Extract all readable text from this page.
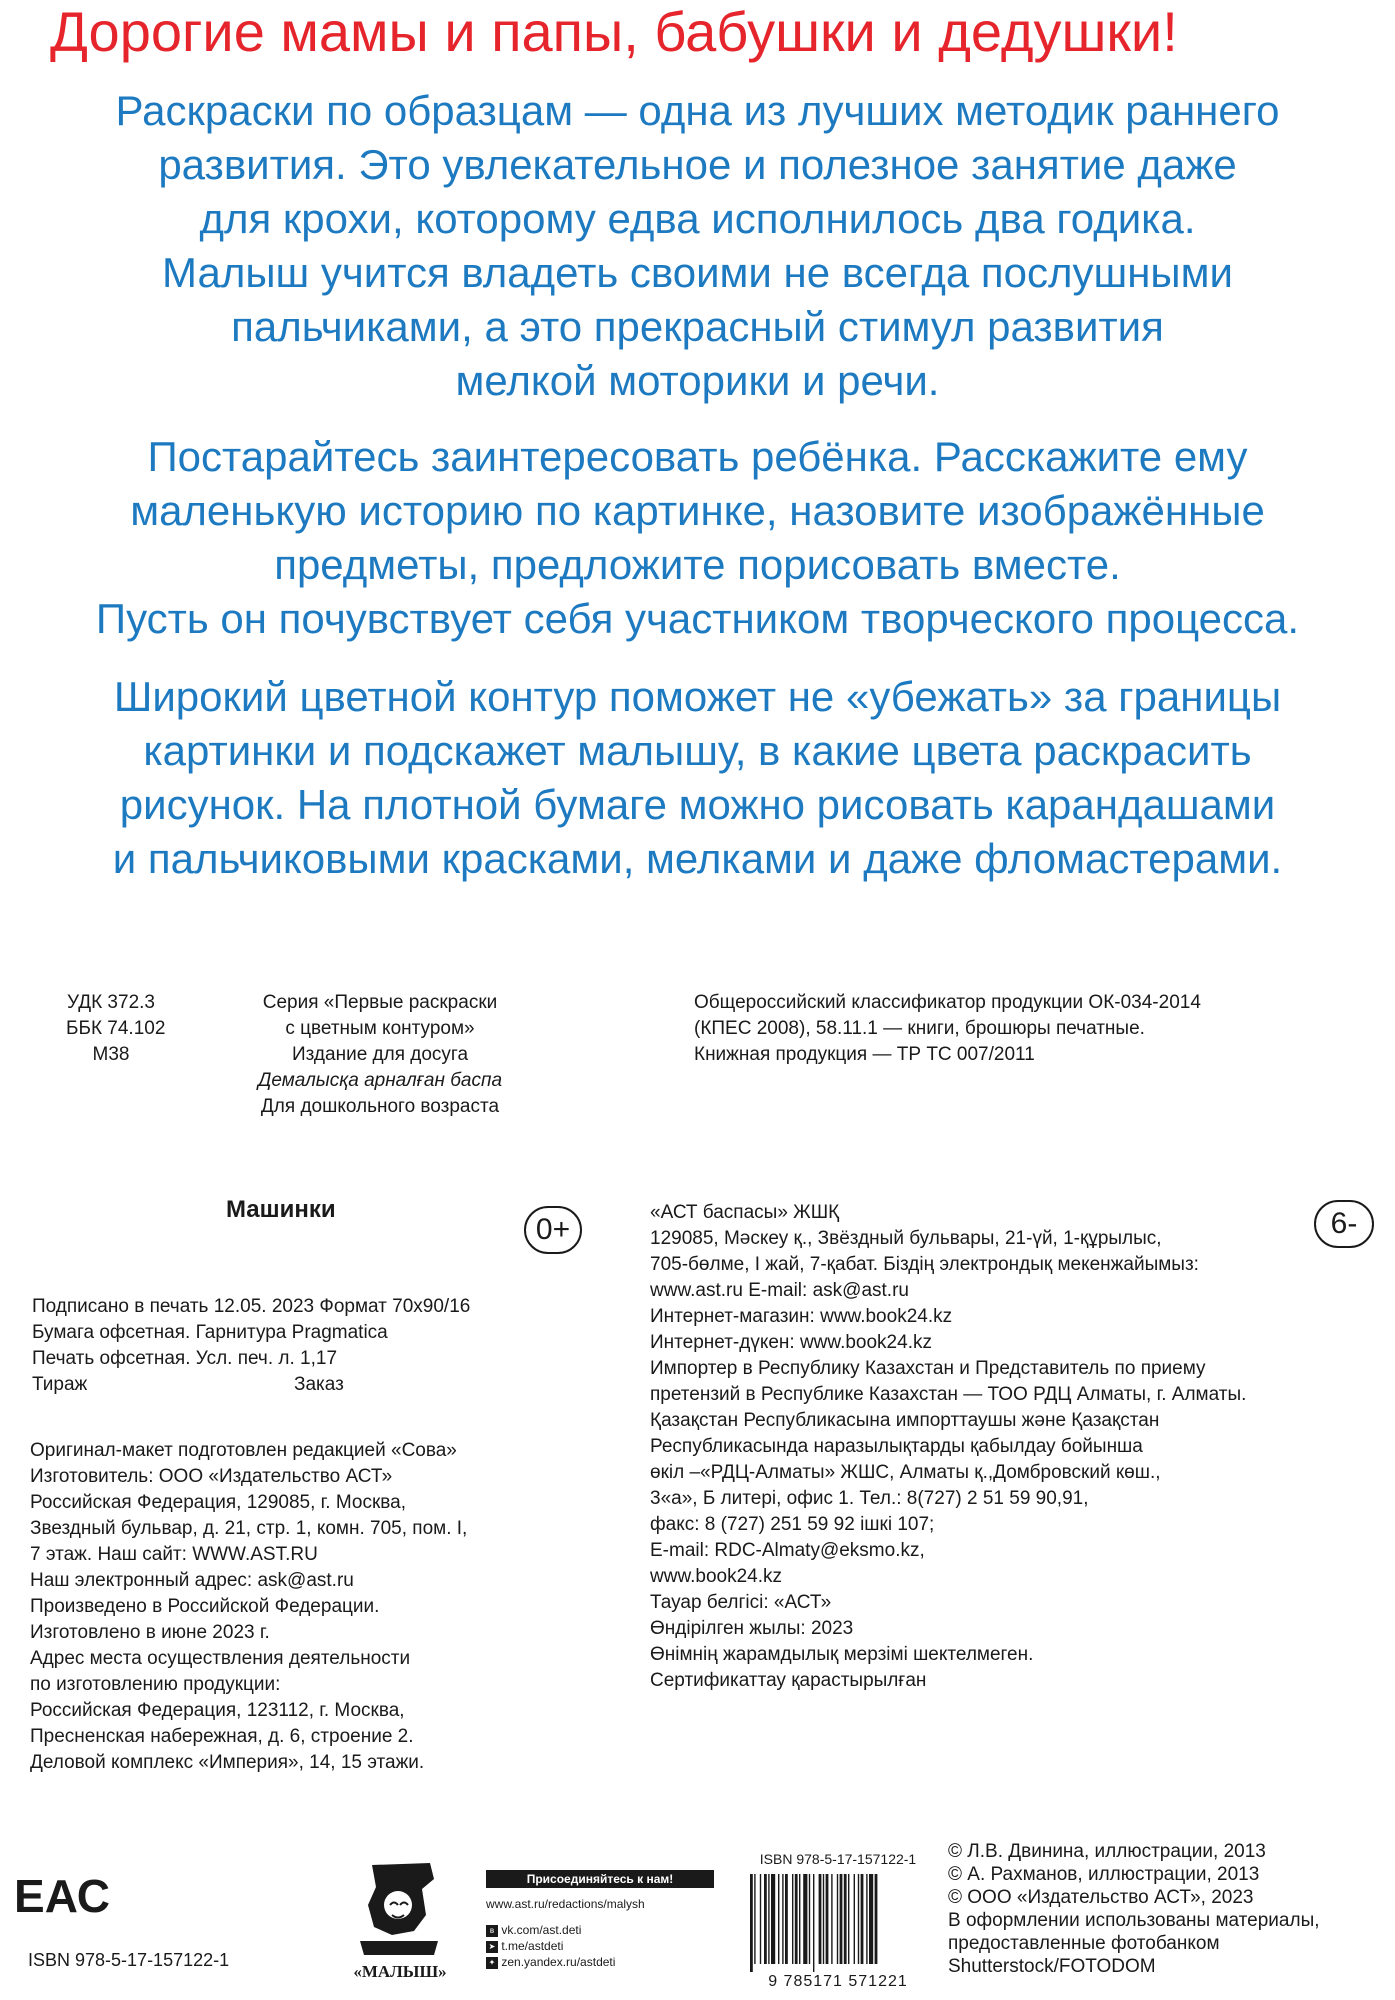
Дорогие мамы и папы, бабушки и дедушки!
Раскраски по образцам — одна из лучших методик раннего
развития. Это увлекательное и полезное занятие даже
для крохи, которому едва исполнилось два годика.
Малыш учится владеть своими не всегда послушными
пальчиками, а это прекрасный стимул развития
мелкой моторики и речи.
Постарайтесь заинтересовать ребёнка. Расскажите ему
маленькую историю по картинке, назовите изображённые
предметы, предложите порисовать вместе.
Пусть он почувствует себя участником творческого процесса.
Широкий цветной контур поможет не «убежать» за границы
картинки и подскажет малышу, в какие цвета раскрасить
рисунок. На плотной бумаге можно рисовать карандашами
и пальчиковыми красками, мелками и даже фломастерами.
УДК 372.3
ББК 74.102
М38
Серия «Первые раскраски
с цветным контуром»
Издание для досуга
Демалысқа арналған баспа
Для дошкольного возраста
Общероссийский классификатор продукции ОК-034-2014
(КПЕС 2008), 58.11.1 — книги, брошюры печатные.
Книжная продукция — ТР ТС 007/2011
Машинки
0+
Подписано в печать 12.05. 2023 Формат 70х90/16
Бумага офсетная. Гарнитура Pragmatica
Печать офсетная. Усл. печ. л. 1,17
Тираж	Заказ
Оригинал-макет подготовлен редакцией «Сова»
Изготовитель: ООО «Издательство АСТ»
Российская Федерация, 129085, г. Москва,
Звездный бульвар, д. 21, стр. 1, комн. 705, пом. I,
7 этаж. Наш сайт: WWW.AST.RU
Наш электронный адрес: ask@ast.ru
Произведено в Российской Федерации.
Изготовлено в июне 2023 г.
Адрес места осуществления деятельности
по изготовлению продукции:
Российская Федерация, 123112, г. Москва,
Пресненская набережная, д. 6, строение 2.
Деловой комплекс «Империя», 14, 15 этажи.
6-
«АСТ баспасы» ЖШҚ
129085, Мәскеу қ., Звёздный бульвары, 21-үй, 1-құрылыс,
705-бөлме, I жай, 7-қабат. Біздің электрондық мекенжайымыз:
www.ast.ru E-mail: ask@ast.ru
Интернет-магазин: www.book24.kz
Интернет-дүкен: www.book24.kz
Импортер в Республику Казахстан и Представитель по приему
претензий в Республике Казахстан — ТОО РДЦ Алматы, г. Алматы.
Қазақстан Республикасына импорттаушы және Қазақстан
Республикасында наразылықтарды қабылдау бойынша
өкіл –«РДЦ-Алматы» ЖШС, Алматы қ.,Домбровский көш.,
3«а», Б литері, офис 1. Тел.: 8(727) 2 51 59 90,91,
факс: 8 (727) 251 59 92 ішкі 107;
E-mail: RDC-Almaty@eksmo.kz,
www.book24.kz
Тауар белгісі: «АСТ»
Өндірілген жылы: 2023
Өнімнің жарамдылық мерзімі шектелмеген.
Сертификаттау қарастырылған
ЕАС
ISBN 978-5-17-157122-1
«МАЛЫШ»
Присоединяйтесь к нам!
www.ast.ru/redactions/malysh
в vk.com/ast.deti
➤ t.me/astdeti
✦ zen.yandex.ru/astdeti
ISBN 978-5-17-157122-1
9 785171 571221
© Л.В. Двинина, иллюстрации, 2013
© А. Рахманов, иллюстрации, 2013
© ООО «Издательство АСТ», 2023
В оформлении использованы материалы,
предоставленные фотобанком
Shutterstock/FOTODOM
